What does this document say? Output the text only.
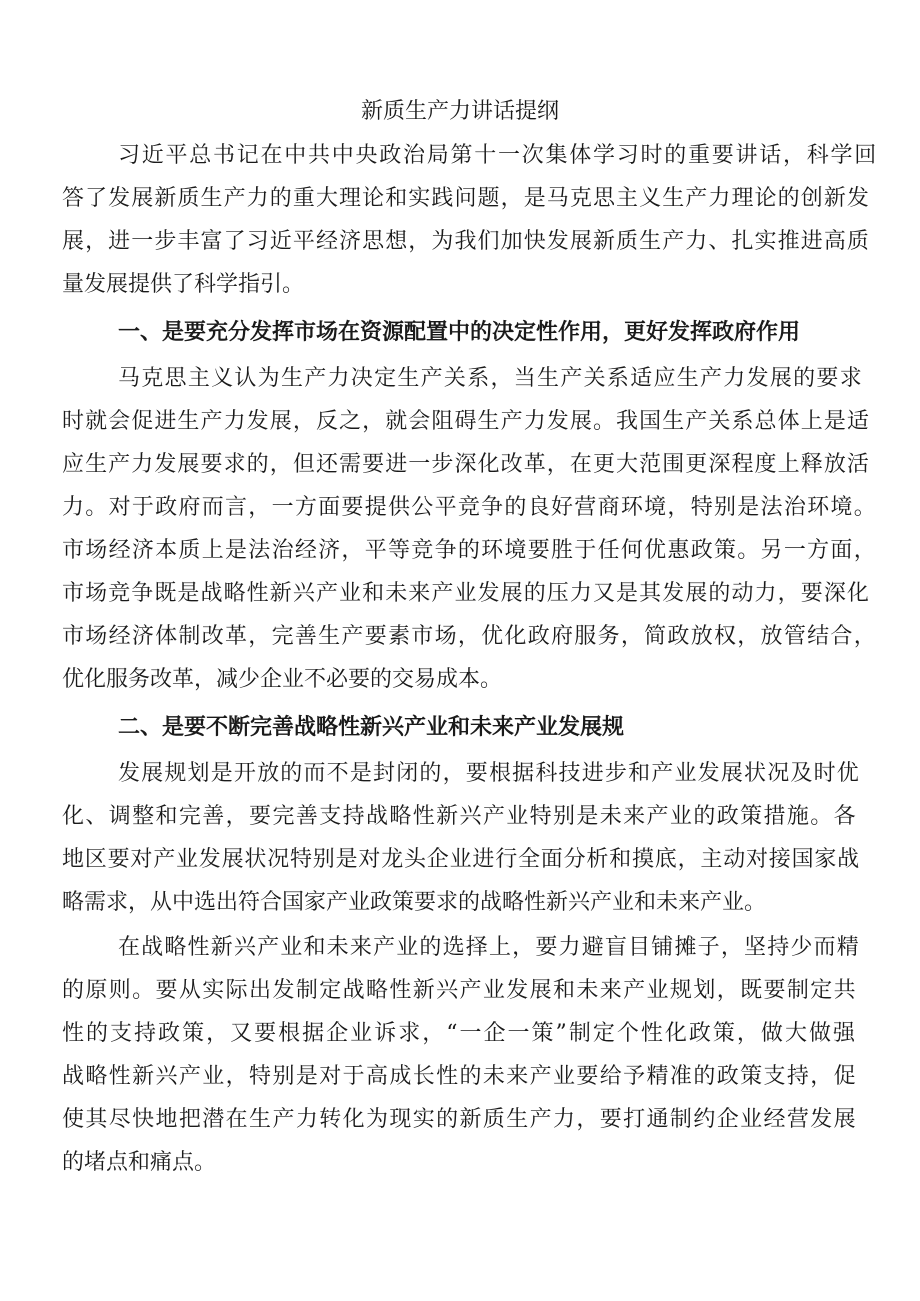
新质生产力讲话提纲

习近平总书记在中共中央政治局第十一次集体学习时的重要讲话，科学回

答了发展新质生产力的重大理论和实践问题，是马克思主义生产力理论的创新发

展，进一步丰富了习近平经济思想，为我们加快发展新质生产力、扎实推进高质

量发展提供了科学指引。

一、是要充分发挥市场在资源配置中的决定性作用，更好发挥政府作用

马克思主义认为生产力决定生产关系，当生产关系适应生产力发展的要求

时就会促进生产力发展，反之，就会阻碍生产力发展。我国生产关系总体上是适

应生产力发展要求的，但还需要进一步深化改革，在更大范围更深程度上释放活

力。对于政府而言，一方面要提供公平竞争的良好营商环境，特别是法治环境。

市场经济本质上是法治经济，平等竞争的环境要胜于任何优惠政策。另一方面，

市场竞争既是战略性新兴产业和未来产业发展的压力又是其发展的动力，要深化

市场经济体制改革，完善生产要素市场，优化政府服务，简政放权，放管结合，

优化服务改革，减少企业不必要的交易成本。

二、是要不断完善战略性新兴产业和未来产业发展规

发展规划是开放的而不是封闭的，要根据科技进步和产业发展状况及时优

化、调整和完善，要完善支持战略性新兴产业特别是未来产业的政策措施。各

地区要对产业发展状况特别是对龙头企业进行全面分析和摸底，主动对接国家战

略需求，从中选出符合国家产业政策要求的战略性新兴产业和未来产业。

在战略性新兴产业和未来产业的选择上，要力避盲目铺摊子，坚持少而精

的原则。要从实际出发制定战略性新兴产业发展和未来产业规划，既要制定共

性的支持政策，又要根据企业诉求，“一企一策”制定个性化政策，做大做强

战略性新兴产业，特别是对于高成长性的未来产业要给予精准的政策支持，促

使其尽快地把潜在生产力转化为现实的新质生产力，要打通制约企业经营发展

的堵点和痛点。
